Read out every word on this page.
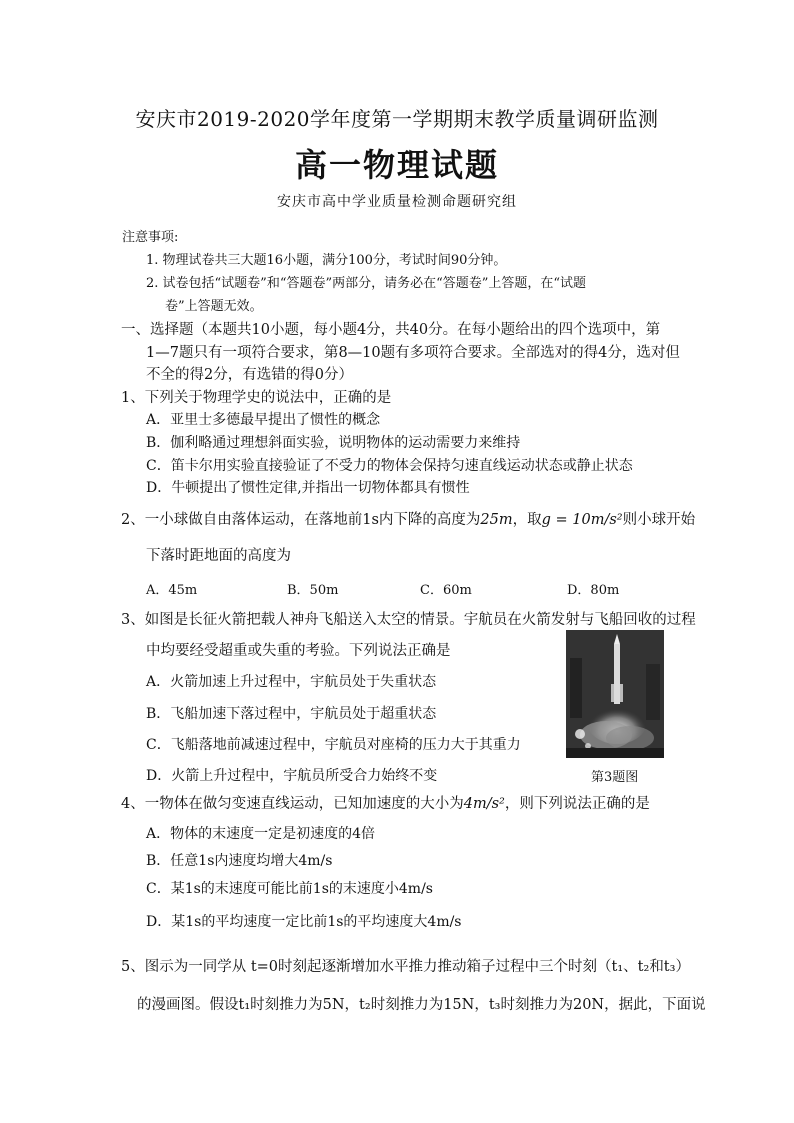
安庆市2019-2020学年度第一学期期末教学质量调研监测
高一物理试题
安庆市高中学业质量检测命题研究组
注意事项:
1. 物理试卷共三大题16小题，满分100分，考试时间90分钟。
2. 试卷包括“试题卷”和“答题卷”两部分，请务必在“答题卷”上答题，在“试题
卷”上答题无效。
一、选择题（本题共10小题，每小题4分，共40分。在每小题给出的四个选项中，第
1—7题只有一项符合要求，第8—10题有多项符合要求。全部选对的得4分，选对但
不全的得2分，有选错的得0分）
1、下列关于物理学史的说法中，正确的是
A．亚里士多德最早提出了惯性的概念
B．伽利略通过理想斜面实验，说明物体的运动需要力来维持
C．笛卡尔用实验直接验证了不受力的物体会保持匀速直线运动状态或静止状态
D．牛顿提出了惯性定律,并指出一切物体都具有惯性
2、一小球做自由落体运动，在落地前1s内下降的高度为25m，取g = 10m/s²则小球开始
下落时距地面的高度为
A．45m	B．50m	C．60m	D．80m
3、如图是长征火箭把载人神舟飞船送入太空的情景。宇航员在火箭发射与飞船回收的过程
中均要经受超重或失重的考验。下列说法正确是
A．火箭加速上升过程中，宇航员处于失重状态
B．飞船加速下落过程中，宇航员处于超重状态
C．飞船落地前减速过程中，宇航员对座椅的压力大于其重力
D．火箭上升过程中，宇航员所受合力始终不变	第3题图
4、一物体在做匀变速直线运动，已知加速度的大小为4m/s²，则下列说法正确的是
A．物体的末速度一定是初速度的4倍
B．任意1s内速度均增大4m/s
C．某1s的末速度可能比前1s的末速度小4m/s
D．某1s的平均速度一定比前1s的平均速度大4m/s
5、图示为一同学从 t=0时刻起逐渐增加水平推力推动箱子过程中三个时刻（t₁、t₂和t₃）
的漫画图。假设t₁时刻推力为5N，t₂时刻推力为15N，t₃时刻推力为20N，据此，下面说
